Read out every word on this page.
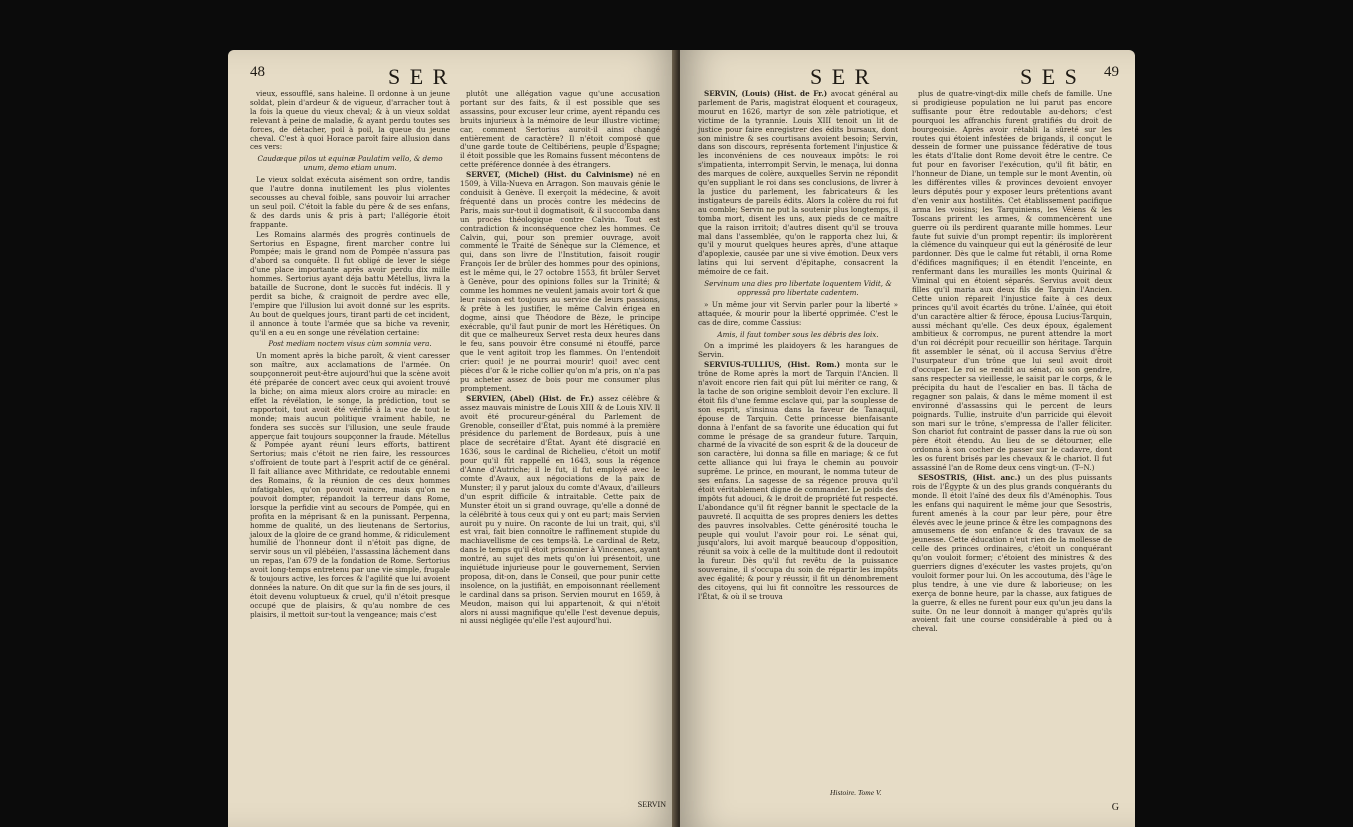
48	S E R

vieux, essoufflé, sans haleine. Il ordonne à un jeune soldat, plein d'ardeur & de vigueur, d'arracher tout à la fois la queue du vieux cheval; & à un vieux soldat relevant à peine de maladie, & ayant perdu toutes ses forces, de détacher, poil à poil, la queue du jeune cheval. C'est à quoi Horace paroît faire allusion dans ces vers:

Caudæque pilos ut equinæ Paulatim vello, & demo unum, demo etiam unum.

Le vieux soldat exécuta aisément son ordre, tandis que l'autre donna inutilement les plus violentes secousses au cheval foible, sans pouvoir lui arracher un seul poil. C'étoit la fable du père & de ses enfans, & des dards unis & pris à part; l'allégorie étoit frappante.

Les Romains alarmés des progrès continuels de Sertorius en Espagne, firent marcher contre lui Pompée; mais le grand nom de Pompée n'assura pas d'abord sa conquête. Il fut obligé de lever le siége d'une place importante après avoir perdu dix mille hommes. Sertorius ayant déja battu Métellus, livra la bataille de Sucrone, dont le succès fut indécis. Il y perdit sa biche, & craignoit de perdre avec elle, l'empire que l'illusion lui avoit donné sur les esprits. Au bout de quelques jours, tirant parti de cet incident, il annonce à toute l'armée que sa biche va revenir, qu'il en a eu en songe une révélation certaine:

Post mediam noctem visus cùm somnia vera.

Un moment après la biche paroît, & vient caresser son maître, aux acclamations de l'armée. On soupçonneroit peut-être aujourd'hui que la scène avoit été préparée de concert avec ceux qui avoient trouvé la biche; on aima mieux alors croire au miracle: en effet la révélation, le songe, la prédiction, tout se rapportoit, tout avoit été vérifié à la vue de tout le monde; mais aucun politique vraiment habile, ne fondera ses succès sur l'illusion, une seule fraude apperçue fait toujours soupçonner la fraude. Métellus & Pompée ayant réuni leurs efforts, battirent Sertorius; mais c'étoit ne rien faire, les ressources s'offroient de toute part à l'esprit actif de ce général. Il fait alliance avec Mithridate, ce redoutable ennemi des Romains, & la réunion de ces deux hommes infatigables, qu'on pouvoit vaincre, mais qu'on ne pouvoit dompter, répandoit la terreur dans Rome, lorsque la perfidie vint au secours de Pompée, qui en profita en la méprisant & en la punissant. Perpenna, homme de qualité, un des lieutenans de Sertorius, jaloux de la gloire de ce grand homme, & ridiculement humilié de l'honneur dont il n'étoit pas digne, de servir sous un vil plébéien, l'assassina lâchement dans un repas, l'an 679 de la fondation de Rome. Sertorius avoit long-temps entretenu par une vie simple, frugale & toujours active, les forces & l'agilité que lui avoient données la nature. On dit que sur la fin de ses jours, il étoit devenu voluptueux & cruel, qu'il n'étoit presque occupé que de plaisirs, & qu'au nombre de ces plaisirs, il mettoit sur-tout la vengeance; mais c'est

plutôt une allégation vague qu'une accusation portant sur des faits, & il est possible que ses assassins, pour excuser leur crime, ayent répandu ces bruits injurieux à la mémoire de leur illustre victime; car, comment Sertorius auroit-il ainsi changé entièrement de caractère? Il n'étoit composé que d'une garde toute de Celtibériens, peuple d'Espagne; il étoit possible que les Romains fussent mécontens de cette préférence donnée à des étrangers.

SERVET, (Michel) (Hist. du Calvinisme) né en 1509, à Villa-Nueva en Arragon. Son mauvais génie le conduisit à Genève. Il exerçoit la médecine, & avoit fréquenté dans un procès contre les médecins de Paris, mais sur-tout il dogmatisoit, & il succomba dans un procès théologique contre Calvin. Tout est contradiction & inconséquence chez les hommes. Ce Calvin, qui, pour son premier ouvrage, avoit commenté le Traité de Sénèque sur la Clémence, et qui, dans son livre de l'Institution, faisoit rougir François Ier de brûler des hommes pour des opinions, est le même qui, le 27 octobre 1553, fit brûler Servet à Genève, pour des opinions folles sur la Trinité; & comme les hommes ne veulent jamais avoir tort & que leur raison est toujours au service de leurs passions, & prête à les justifier, le même Calvin érigea en dogme, ainsi que Théodore de Bèze, le principe exécrable, qu'il faut punir de mort les Hérétiques. On dit que ce malheureux Servet resta deux heures dans le feu, sans pouvoir être consumé ni étouffé, parce que le vent agitoit trop les flammes. On l'entendoit crier: quoi! je ne pourrai mourir! quoi! avec cent pièces d'or & le riche collier qu'on m'a pris, on n'a pas pu acheter assez de bois pour me consumer plus promptement.

SERVIEN, (Abel) (Hist. de Fr.) assez célèbre & assez mauvais ministre de Louis XIII & de Louis XIV. Il avoit été procureur-général du Parlement de Grenoble, conseiller d'État, puis nommé à la première présidence du parlement de Bordeaux, puis à une place de secrétaire d'État. Ayant été disgracié en 1636, sous le cardinal de Richelieu, c'étoit un motif pour qu'il fût rappellé en 1643, sous la régence d'Anne d'Autriche; il le fut, il fut employé avec le comte d'Avaux, aux négociations de la paix de Munster; il y parut jaloux du comte d'Avaux, d'ailleurs d'un esprit difficile & intraitable. Cette paix de Munster étoit un si grand ouvrage, qu'elle a donné de la célébrité à tous ceux qui y ont eu part; mais Servien auroit pu y nuire. On raconte de lui un trait, qui, s'il est vrai, fait bien connoître le raffinement stupide du machiavellisme de ces temps-là. Le cardinal de Retz, dans le temps qu'il étoit prisonnier à Vincennes, ayant montré, au sujet des mets qu'on lui présentoit, une inquiétude injurieuse pour le gouvernement, Servien proposa, dit-on, dans le Conseil, que pour punir cette insolence, on la justifiât, en empoisonnant réellement le cardinal dans sa prison. Servien mourut en 1659, à Meudon, maison qui lui appartenoit, & qui n'étoit alors ni aussi magnifique qu'elle l'est devenue depuis, ni aussi négligée qu'elle l'est aujourd'hui.

SERVIN
S E R	S E S 49

SERVIN, (Louis) (Hist. de Fr.) avocat général au parlement de Paris, magistrat éloquent et courageux, mourut en 1626, martyr de son zèle patriotique, et victime de la tyrannie. Louis XIII tenoit un lit de justice pour faire enregistrer des édits bursaux, dont son ministre & ses courtisans avoient besoin; Servin, dans son discours, représenta fortement l'injustice & les inconvéniens de ces nouveaux impôts: le roi s'impatienta, interrompit Servin, le menaça, lui donna des marques de colère, auxquelles Servin ne répondit qu'en suppliant le roi dans ses conclusions, de livrer à la justice du parlement, les fabricateurs & les instigateurs de pareils édits. Alors la colère du roi fut au comble; Servin ne put la soutenir plus longtemps, il tomba mort, disent les uns, aux pieds de ce maître que la raison irritoit; d'autres disent qu'il se trouva mal dans l'assemblée, qu'on le rapporta chez lui, & qu'il y mourut quelques heures après, d'une attaque d'apoplexie, causée par une si vive émotion. Deux vers latins qui lui servent d'épitaphe, consacrent la mémoire de ce fait.

Servinum una dies pro libertate loquentem Vidit, & oppressâ pro libertate cadentem.

» Un même jour vit Servin parler pour la liberté » attaquée, & mourir pour la liberté opprimée. C'est le cas de dire, comme Cassius:

Amis, il faut tomber sous les débris des loix.

On a imprimé les plaidoyers & les harangues de Servin.

SERVIUS-TULLIUS, (Hist. Rom.) monta sur le trône de Rome après la mort de Tarquin l'Ancien. Il n'avoit encore rien fait qui pût lui mériter ce rang, & la tache de son origine sembloit devoir l'en exclure. Il étoit fils d'une femme esclave qui, par la souplesse de son esprit, s'insinua dans la faveur de Tanaquil, épouse de Tarquin. Cette princesse bienfaisante donna à l'enfant de sa favorite une éducation qui fut comme le présage de sa grandeur future. Tarquin, charmé de la vivacité de son esprit & de la douceur de son caractère, lui donna sa fille en mariage; & ce fut cette alliance qui lui fraya le chemin au pouvoir suprême. Le prince, en mourant, le nomma tuteur de ses enfans. La sagesse de sa régence prouva qu'il étoit véritablement digne de commander. Le poids des impôts fut adouci, & le droit de propriété fut respecté. L'abondance qu'il fit régner bannit le spectacle de la pauvreté. Il acquitta de ses propres deniers les dettes des pauvres insolvables. Cette générosité toucha le peuple qui voulut l'avoir pour roi. Le sénat qui, jusqu'alors, lui avoit marqué beaucoup d'opposition, réunit sa voix à celle de la multitude dont il redoutoit la fureur. Dès qu'il fut revêtu de la puissance souveraine, il s'occupa du soin de répartir les impôts avec égalité; & pour y réussir, il fit un dénombrement des citoyens, qui lui fit connoître les ressources de l'État, & où il se trouva

plus de quatre-vingt-dix mille chefs de famille. Une si prodigieuse population ne lui parut pas encore suffisante pour être redoutable au-dehors; c'est pourquoi les affranchis furent gratifiés du droit de bourgeoisie. Après avoir rétabli la sûreté sur les routes qui étoient infestées de brigands, il conçut le dessein de former une puissance fédérative de tous les états d'Italie dont Rome devoit être le centre. Ce fut pour en favoriser l'exécution, qu'il fit bâtir, en l'honneur de Diane, un temple sur le mont Aventin, où les différentes villes & provinces devoient envoyer leurs députés pour y exposer leurs prétentions avant d'en venir aux hostilités. Cet établissement pacifique arma les voisins; les Tarquiniens, les Véiens & les Toscans prirent les armes, & commencèrent une guerre où ils perdirent quarante mille hommes. Leur faute fut suivie d'un prompt repentir: ils implorèrent la clémence du vainqueur qui eut la générosité de leur pardonner. Dès que le calme fut rétabli, il orna Rome d'édifices magnifiques; il en étendit l'enceinte, en renfermant dans les murailles les monts Quirinal & Viminal qui en étoient séparés. Servius avoit deux filles qu'il maria aux deux fils de Tarquin l'Ancien. Cette union répareit l'injustice faite à ces deux princes qu'il avoit écartés du trône. L'aînée, qui étoit d'un caractère altier & féroce, épousa Lucius-Tarquin, aussi méchant qu'elle. Ces deux époux, également ambitieux & corrompus, ne purent attendre la mort d'un roi décrépit pour recueillir son héritage. Tarquin fit assembler le sénat, où il accusa Servius d'être l'usurpateur d'un trône que lui seul avoit droit d'occuper. Le roi se rendit au sénat, où son gendre, sans respecter sa vieillesse, le saisit par le corps, & le précipita du haut de l'escalier en bas. Il tâcha de regagner son palais, & dans le même moment il est environné d'assassins qui le percent de leurs poignards. Tullie, instruite d'un parricide qui élevoit son mari sur le trône, s'empressa de l'aller féliciter. Son chariot fut contraint de passer dans la rue où son père étoit étendu. Au lieu de se détourner, elle ordonna à son cocher de passer sur le cadavre, dont les os furent brisés par les chevaux & le chariot. Il fut assassiné l'an de Rome deux cens vingt-un. (T--N.)

SESOSTRIS, (Hist. anc.) un des plus puissants rois de l'Égypte & un des plus grands conquérants du monde. Il étoit l'aîné des deux fils d'Aménophis. Tous les enfans qui naquirent le même jour que Sesostris, furent amenés à la cour par leur père, pour être élevés avec le jeune prince & être les compagnons des amusemens de son enfance & des travaux de sa jeunesse. Cette éducation n'eut rien de la mollesse de celle des princes ordinaires, c'étoit un conquérant qu'on vouloit former; c'étoient des ministres & des guerriers dignes d'exécuter les vastes projets, qu'on vouloit former pour lui. On les accoutuma, dès l'âge le plus tendre, à une vie dure & laborieuse; on les exerça de bonne heure, par la chasse, aux fatigues de la guerre, & elles ne furent pour eux qu'un jeu dans la suite. On ne leur donnoit à manger qu'après qu'ils avoient fait une course considérable à pied ou à cheval.

Histoire. Tome V.
G
